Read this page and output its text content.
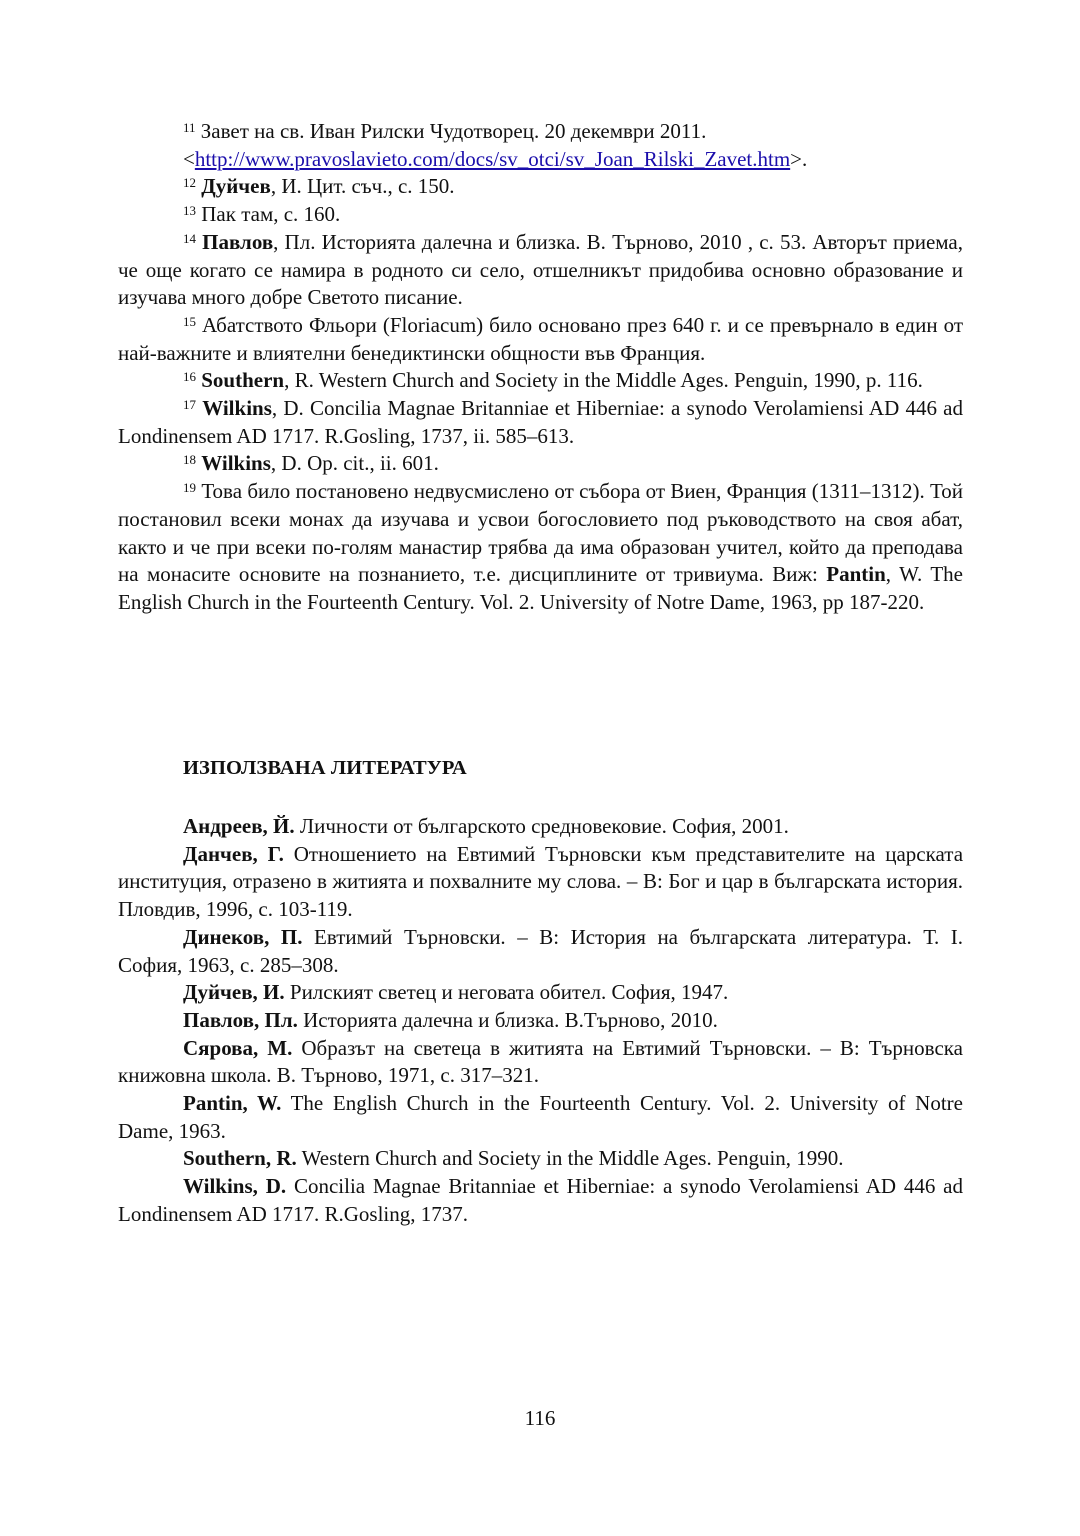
$^{11}$ Завет на св. Иван Рилски Чудотворец. 20 декември 2011.

<http://www.pravoslavieto.com/docs/sv_otci/sv_Joan_Rilski_Zavet.htm>.

$^{12}$ Дуйчев, И. Цит. съч., с. 150.

$^{13}$ Пак там, с. 160.

$^{14}$ Павлов, Пл. Историята далечна и близка. В. Търново, 2010 , с. 53. Авторът приема, че още когато се намира в родното си село, отшелникът придобива основно образование и изучава много добре Светото писание.

$^{15}$ Абатството Фльори (Floriacum) било основано през 640 г. и се превърнало в един от най-важните и влиятелни бенедиктински общности във Франция.

$^{16}$ Southern, R. Western Church and Society in the Middle Ages. Penguin, 1990, p. 116.

$^{17}$ Wilkins, D. Concilia Magnae Britanniae et Hiberniae: a synodo Verolamiensi AD 446 ad Londinensem AD 1717. R.Gosling, 1737, ii. 585–613.

$^{18}$ Wilkins, D. Op. cit., ii. 601.

$^{19}$ Това било постановено недвусмислено от събора от Виен, Франция (1311–1312). Той постановил всеки монах да изучава и усвои богословието под ръководството на своя абат, както и че при всеки по-голям манастир трябва да има образован учител, който да преподава на монасите основите на познанието, т.е. дисциплините от тривиума. Виж: Pantin, W. The English Church in the Fourteenth Century. Vol. 2. University of Notre Dame, 1963, pp 187-220.

ИЗПОЛЗВАНА ЛИТЕРАТУРА

Андреев, Й. Личности от българското средновековие. София, 2001.

Данчев, Г. Отношението на Евтимий Търновски към представителите на царската институция, отразено в житията и похвалните му слова. – В: Бог и цар в българската история. Пловдив, 1996, с. 103-119.

Динеков, П. Евтимий Търновски. – В: История на българската литература. Т. I. София, 1963, с. 285–308.

Дуйчев, И. Рилският светец и неговата обител. София, 1947.

Павлов, Пл. Историята далечна и близка. В.Търново, 2010.

Сярова, М. Образът на светеца в житията на Евтимий Търновски. – В: Търновска книжовна школа. В. Търново, 1971, с. 317–321.

Pantin, W. The English Church in the Fourteenth Century. Vol. 2. University of Notre Dame, 1963.

Southern, R. Western Church and Society in the Middle Ages. Penguin, 1990.

Wilkins, D. Concilia Magnae Britanniae et Hiberniae: a synodo Verolamiensi AD 446 ad Londinensem AD 1717. R.Gosling, 1737.

116
